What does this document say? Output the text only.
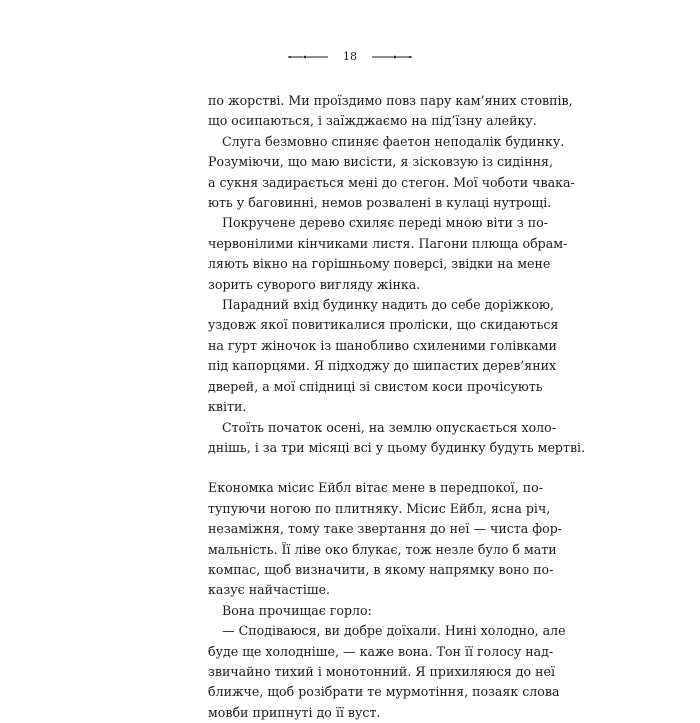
18
по жорстві. Ми проїздимо повз пару кам’яних стовпів,
що осипаються, і заїжджаємо на під’їзну алейку.
Слуга безмовно спиняє фаетон неподалік будинку.
Розуміючи, що маю висісти, я зісковзую із сидіння,
а сукня задирається мені до стегон. Мої чоботи чвака-
ють у баговинні, немов розвалені в кулаці нутрощі.
Покручене дерево схиляє переді мною віти з по-
червонілими кінчиками листя. Пагони плюща обрам-
ляють вікно на горішньому поверсі, звідки на мене
зорить суворого вигляду жінка.
Парадний вхід будинку надить до себе доріжкою,
уздовж якої повитикалися проліски, що скидаються
на гурт жіночок із шанобливо схиленими голівками
під капорцями. Я підходжу до шипастих дерев’яних
дверей, а мої спідниці зі свистом коси прочісують
квіти.
Стоїть початок осені, на землю опускається холо-
днішь, і за три місяці всі у цьому будинку будуть мертві.
Економка місис Ейбл вітає мене в передпокої, по-
тупуючи ногою по плитняку. Місис Ейбл, ясна річ,
незаміжня, тому таке звертання до неї — чиста фор-
мальність. Її ліве око блукає, тож незле було б мати
компас, щоб визначити, в якому напрямку воно по-
казує найчастіше.
Вона прочищає горло:
— Сподіваюся, ви добре доїхали. Нині холодно, але
буде ще холодніше, — каже вона. Тон її голосу над-
звичайно тихий і монотонний. Я прихиляюся до неї
ближче, щоб розібрати те мурмотіння, позаяк слова
мовби припнуті до її вуст.
